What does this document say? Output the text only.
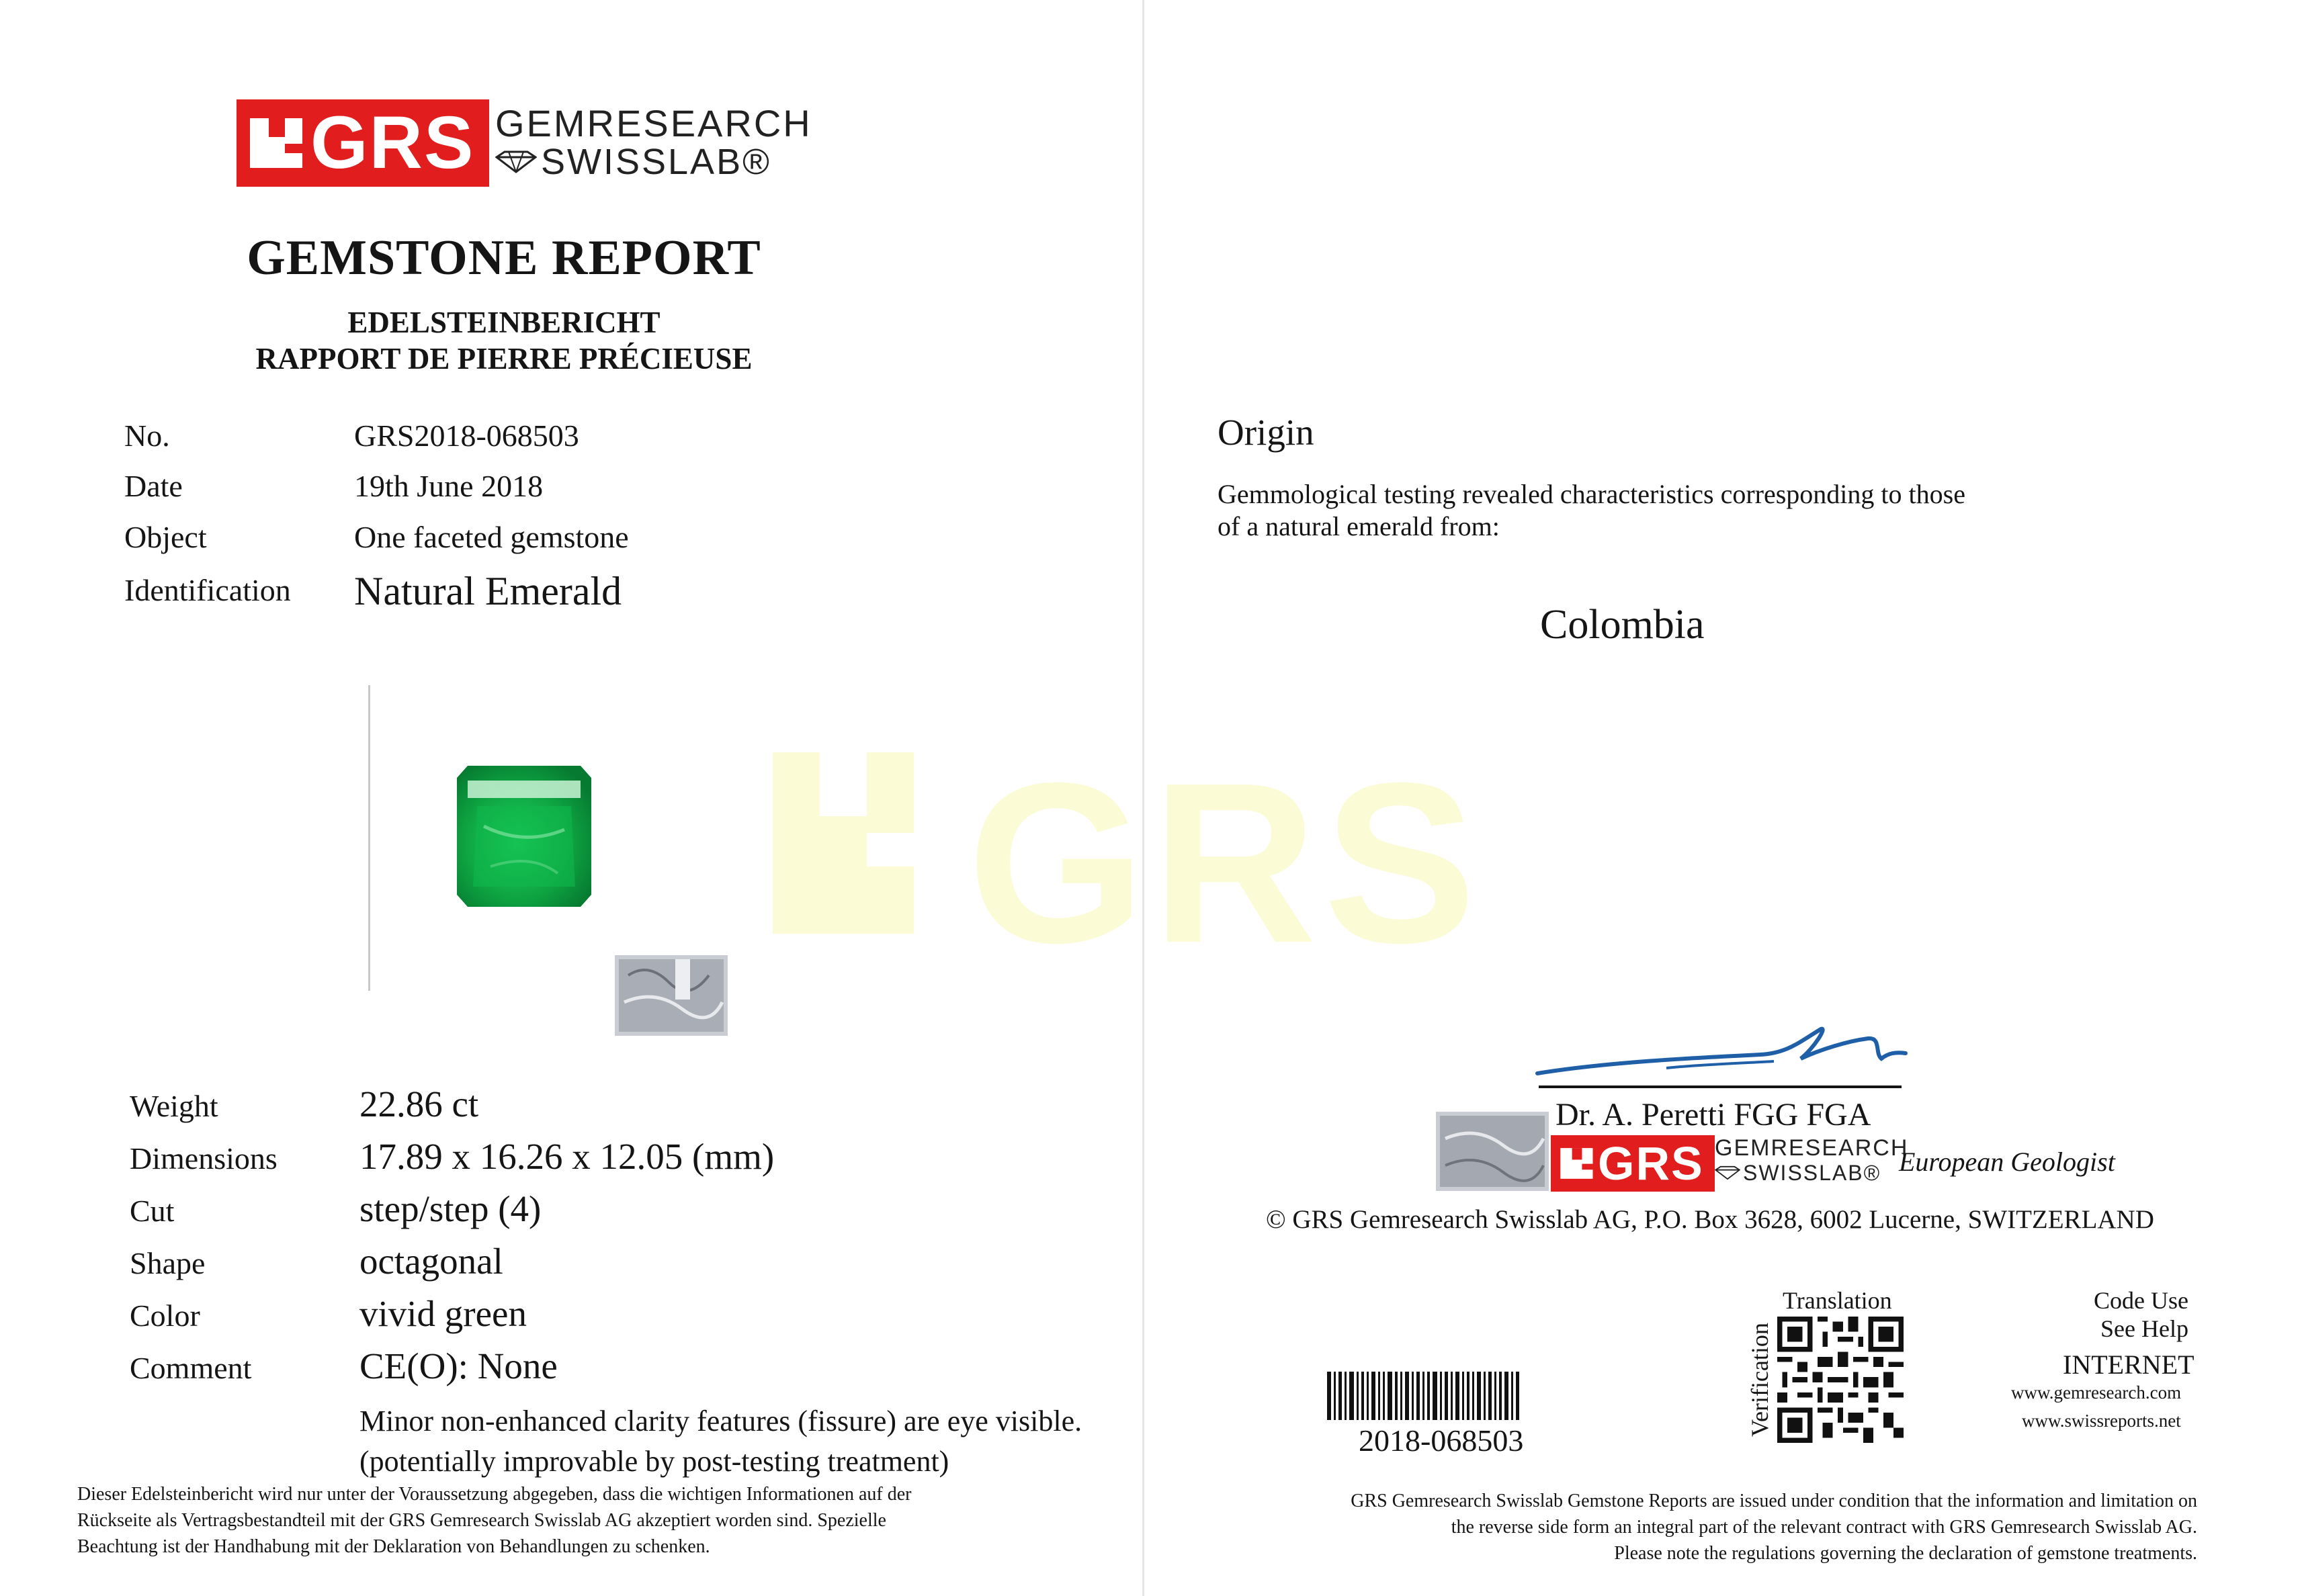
GRS
GRS GEMRESEARCH
SWISSLAB®
GEMSTONE REPORT
EDELSTEINBERICHT
RAPPORT DE PIERRE PRÉCIEUSE
No.	GRS2018-068503
Date	19th June 2018
Object	One faceted gemstone
Identification Natural Emerald
Weight	22.86 ct
Dimensions 17.89 x 16.26 x 12.05 (mm)
Cut	step/step (4)
Shape	octagonal
Color	vivid green
Comment	CE(O): None
Minor non-enhanced clarity features (fissure) are eye visible.
(potentially improvable by post-testing treatment)
Dieser Edelsteinbericht wird nur unter der Voraussetzung abgegeben, dass die wichtigen Informationen auf der
Rückseite als Vertragsbestandteil mit der GRS Gemresearch Swisslab AG akzeptiert worden sind. Spezielle
Beachtung ist der Handhabung mit der Deklaration von Behandlungen zu schenken.
Origin
Gemmological testing revealed characteristics corresponding to those
of a natural emerald from:
Colombia
Dr. A. Peretti FGG FGA
GRS GEMRESEARCH
SWISSLAB® European Geologist
© GRS Gemresearch Swisslab AG, P.O. Box 3628, 6002 Lucerne, SWITZERLAND
2018-068503
Translation
Verification
Code Use
See Help
INTERNET
www.gemresearch.com
www.swissreports.net
GRS Gemresearch Swisslab Gemstone Reports are issued under condition that the information and limitation on
the reverse side form an integral part of the relevant contract with GRS Gemresearch Swisslab AG.
Please note the regulations governing the declaration of gemstone treatments.
